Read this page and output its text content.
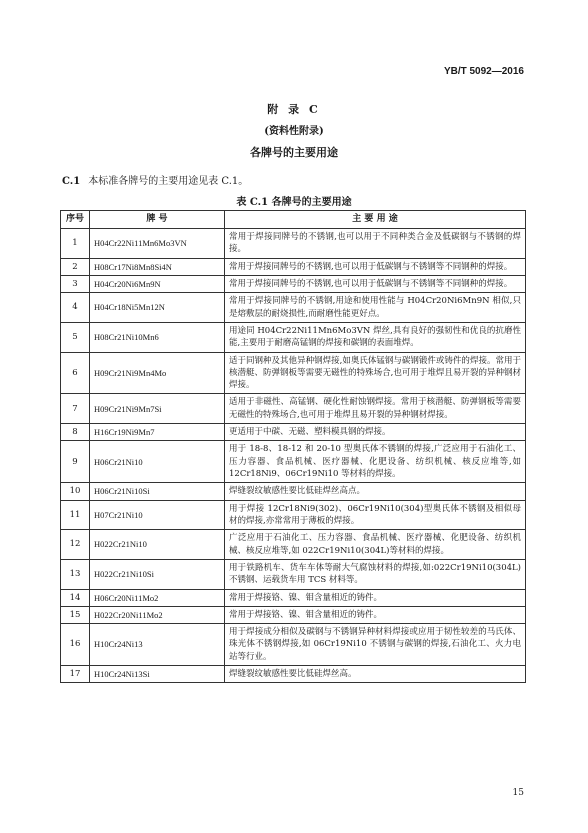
YB/T 5092—2016
附 录 C
(资料性附录)
各牌号的主要用途
C.1 本标准各牌号的主要用途见表 C.1。
表 C.1 各牌号的主要用途
序号	牌 号	主 要 用 途
1	H04Cr22Ni11Mn6Mo3VN	常用于焊接同牌号的不锈钢,也可以用于不同种类合金及低碳钢与不锈钢的焊接。
2	H08Cr17Ni8Mn8Si4N	常用于焊接同牌号的不锈钢,也可以用于低碳钢与不锈钢等不同钢种的焊接。
3	H04Cr20Ni6Mn9N	常用于焊接同牌号的不锈钢,也可以用于低碳钢与不锈钢等不同钢种的焊接。
4	H04Cr18Ni5Mn12N	常用于焊接同牌号的不锈钢,用途和使用性能与 H04Cr20Ni6Mn9N 相似,只是熔敷层的耐烧损性,而耐磨性能更好点。
5	H08Cr21Ni10Mn6	用途同 H04Cr22Ni11Mn6Mo3VN 焊丝,具有良好的强韧性和优良的抗磨性能,主要用于耐磨高锰钢的焊接和碳钢的表面堆焊。
6	H09Cr21Ni9Mn4Mo	适于同钢种及其他异种钢焊接,如奥氏体锰钢与碳钢锻件或铸件的焊接。常用于核潜艇、防弹钢板等需要无磁性的特殊场合,也可用于堆焊且易开裂的异种钢材焊接。
7	H09Cr21Ni9Mn7Si	适用于非磁性、高锰钢、硬化性耐蚀钢焊接。常用于核潜艇、防弹钢板等需要无磁性的特殊场合,也可用于堆焊且易开裂的异种钢材焊接。
8	H16Cr19Ni9Mn7	更适用于中碳、无磁、塑料模具钢的焊接。
9	H06Cr21Ni10	用于 18-8、18-12 和 20-10 型奥氏体不锈钢的焊接,广泛应用于石油化工、压力容器、食品机械、医疗器械、化肥设备、纺织机械、核反应堆等,如 12Cr18Ni9、06Cr19Ni10 等材料的焊接。
10	H06Cr21Ni10Si	焊缝裂纹敏感性要比低硅焊丝高点。
11	H07Cr21Ni10	用于焊接 12Cr18Ni9(302)、06Cr19Ni10(304)型奥氏体不锈钢及相似母材的焊接,亦常常用于薄板的焊接。
12	H022Cr21Ni10	广泛应用于石油化工、压力容器、食品机械、医疗器械、化肥设备、纺织机械、核反应堆等,如 022Cr19Ni10(304L)等材料的焊接。
13	H022Cr21Ni10Si	用于铁路机车、货车车体等耐大气腐蚀材料的焊接,如:022Cr19Ni10(304L)不锈钢、运载货车用 TCS 材料等。
14	H06Cr20Ni11Mo2	常用于焊接铬、镍、钼含量相近的铸件。
15	H022Cr20Ni11Mo2	常用于焊接铬、镍、钼含量相近的铸件。
16	H10Cr24Ni13	用于焊接成分相似及碳钢与不锈钢异种材料焊接或应用于韧性较差的马氏体、珠光体不锈钢焊接,如 06Cr19Ni10 不锈钢与碳钢的焊接,石油化工、火力电站等行业。
17	H10Cr24Ni13Si	焊缝裂纹敏感性要比低硅焊丝高。
15
